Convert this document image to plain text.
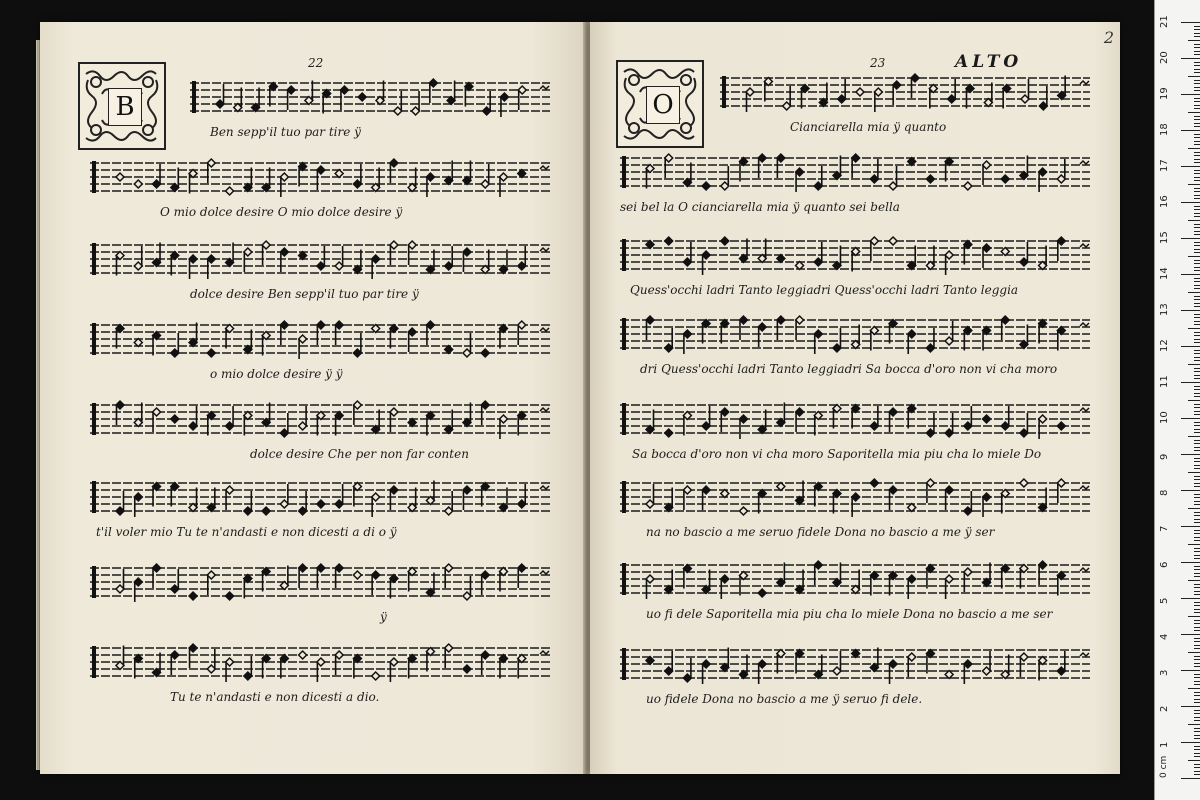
22
B
Ben sepp'il tuo par tire ÿ
O mio dolce desire O mio dolce desire ÿ
dolce desire Ben sepp'il tuo par tire ÿ
o mio dolce desire ÿ ÿ
dolce desire Che per non far conten
t'il voler mio Tu te n'andasti e non dicesti a di o ÿ
ÿ
Tu te n'andasti e non dicesti a dio.
23	ALTO
2
O
Cianciarella mia ÿ quanto
sei bel la O cianciarella mia ÿ quanto sei bella
Quess'occhi ladri Tanto leggiadri Quess'occhi ladri Tanto leggia
dri Quess'occhi ladri Tanto leggiadri Sa bocca d'oro non vi cha moro
Sa bocca d'oro non vi cha moro Saporitella mia piu cha lo miele Do
na no bascio a me seruo fidele Dona no bascio a me ÿ ser
uo fi dele Saporitella mia piu cha lo miele Dona no bascio a me ser
uo fidele Dona no bascio a me ÿ seruo fi dele.
1
2
3
4
5
6
7
8
9
10
11
12
13
14
15
16
17
18
19
20
21
0 cm
